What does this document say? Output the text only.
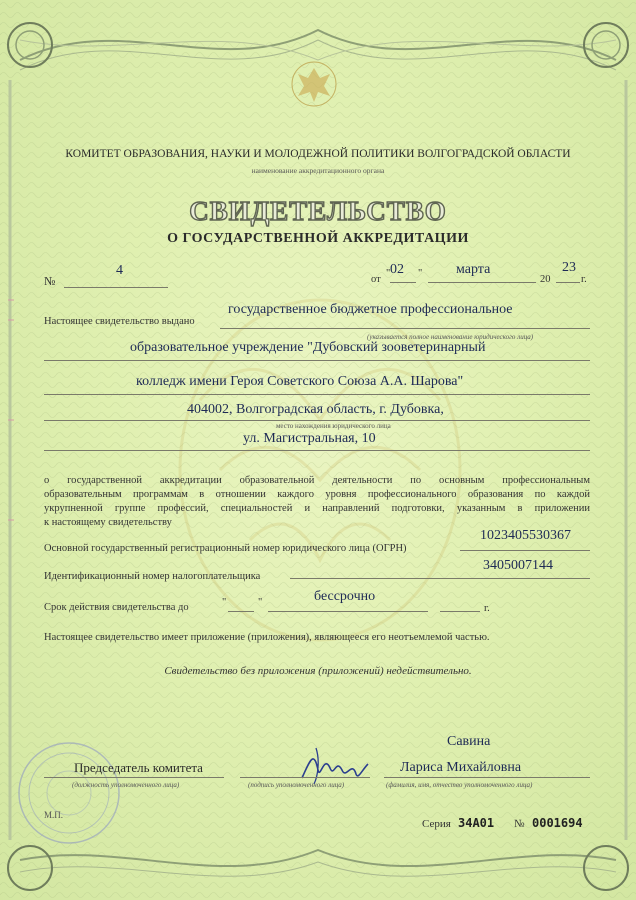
КОМИТЕТ ОБРАЗОВАНИЯ, НАУКИ И МОЛОДЕЖНОЙ ПОЛИТИКИ ВОЛГОГРАДСКОЙ ОБЛАСТИ
наименование аккредитационного органа
СВИДЕТЕЛЬСТВО
О ГОСУДАРСТВЕННОЙ АККРЕДИТАЦИИ
№
4
от
" 02 " марта
20
23
г.
Настоящее свидетельство выдано
государственное бюджетное профессиональное
(указывается полное наименование юридического лица)
образовательное учреждение "Дубовский зооветеринарный
колледж имени Героя Советского Союза А.А. Шарова"
404002, Волгоградская область, г. Дубовка,
место нахождения юридического лица
ул. Магистральная, 10
о государственной аккредитации образовательной деятельности по основным профессиональным
образовательным программам в отношении каждого уровня профессионального образования по каждой
укрупненной группе профессий, специальностей и направлений подготовки, указанным в приложении
к настоящему свидетельству
Основной государственный регистрационный номер юридического лица (ОГРН)
1023405530367
Идентификационный номер налогоплательщика
3405007144
Срок действия свидетельства до	"	"	бессрочно
г.
Настоящее свидетельство имеет приложение (приложения), являющееся его неотъемлемой частью.
Свидетельство без приложения (приложений) недействительно.
Савина
Председатель комитета
(должность уполномоченного лица)	(подпись уполномоченного лица)
Лариса Михайловна
(фамилия, имя, отчество уполномоченного лица)
М.П.
Серия 34А01 № 0001694
